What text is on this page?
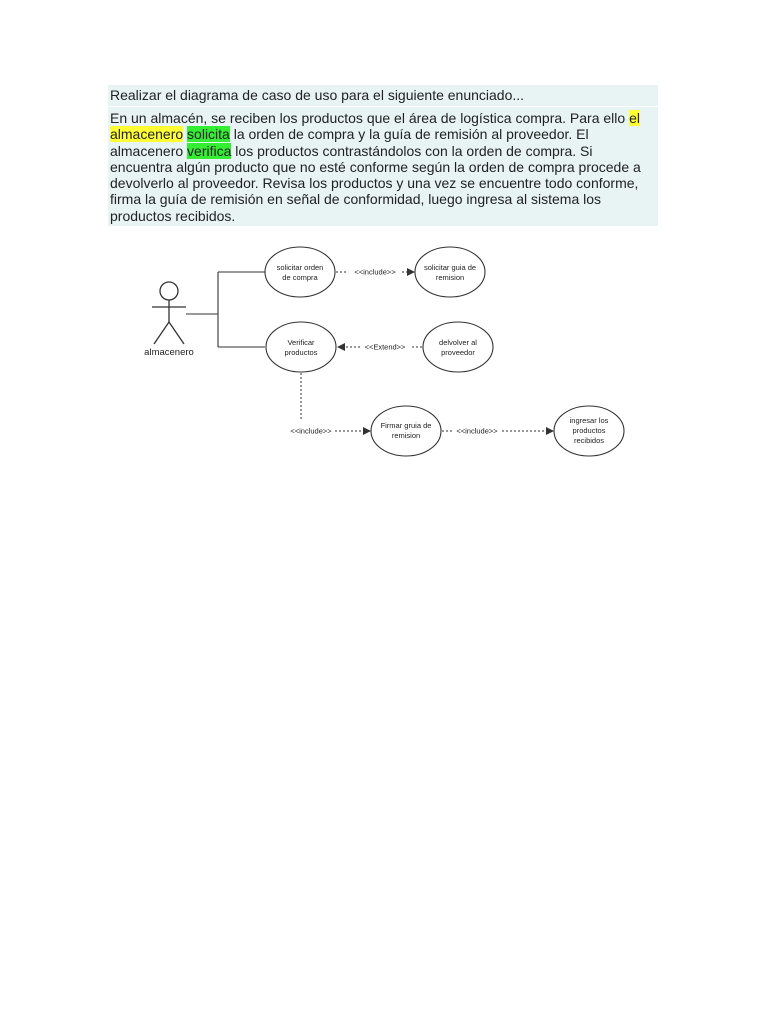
Realizar el diagrama de caso de uso para el siguiente enunciado...
En un almacén, se reciben los productos que el área de logística compra. Para ello el almacenero solicita la orden de compra y la guía de remisión al proveedor. El almacenero verifica los productos contrastándolos con la orden de compra. Si encuentra algún producto que no esté conforme según la orden de compra procede a devolverlo al proveedor. Revisa los productos y una vez se encuentre todo conforme, firma la guía de remisión en señal de conformidad, luego ingresa al sistema los productos recibidos.
almacenero
solicitar orden
de compra
solicitar guia de
remision
Verificar
productos
delvolver al
proveedor
Firmar gruia de
remision
ingresar los
productos
recibidos
<<include>>
<<Extend>>
<<include>>	<<include>>
